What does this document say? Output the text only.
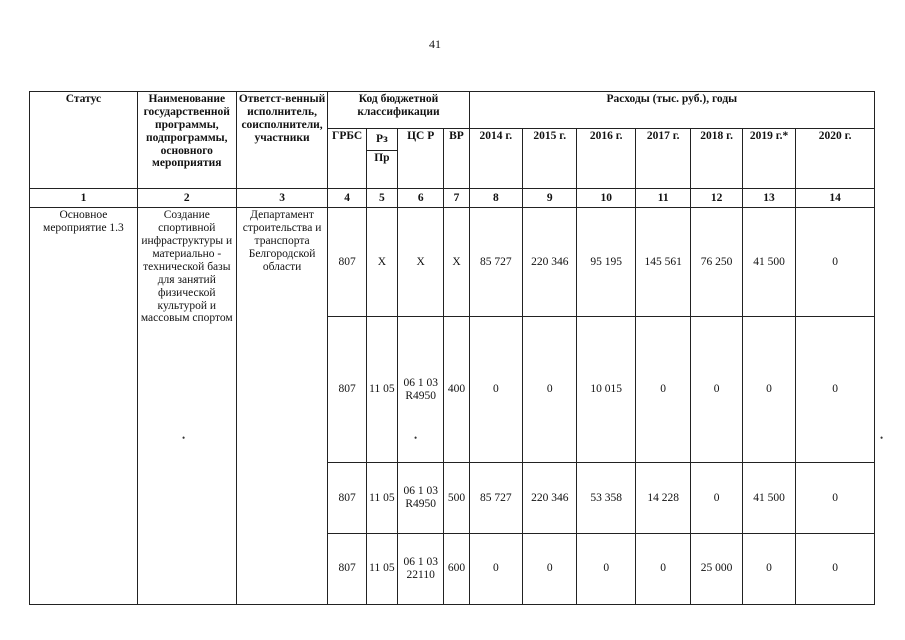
41
Статус	Наименование государственной программы, подпрограммы, основного мероприятия	Ответст-венный исполнитель, соисполнители, участники	Код бюджетной классификации				Расходы (тыс. руб.), годы						
			ГРБС	Рз	ЦС Р	ВР	2014 г.	2015 г.	2016 г.	2017 г.	2018 г.	2019 г.*	2020 г.
				Пр									
1	2	3	4	5	6	7	8	9	10	11	12	13	14
Основное мероприятие 1.3	Создание спортивной инфраструктуры и материально - технической базы для занятий физической культурой и массовым спортом	Департамент строительства и транспорта Белгородской области	807	Х	Х	Х	85 727	220 346	95 195	145 561	76 250	41 500	0
			807	11 05	06 1 03 R4950	400	0	0	10 015	0	0	0	0
			807	11 05	06 1 03 R4950	500	85 727	220 346	53 358	14 228	0	41 500	0
			807	11 05	06 1 03 22110	600	0	0	0	0	25 000	0	0
•	•	•
